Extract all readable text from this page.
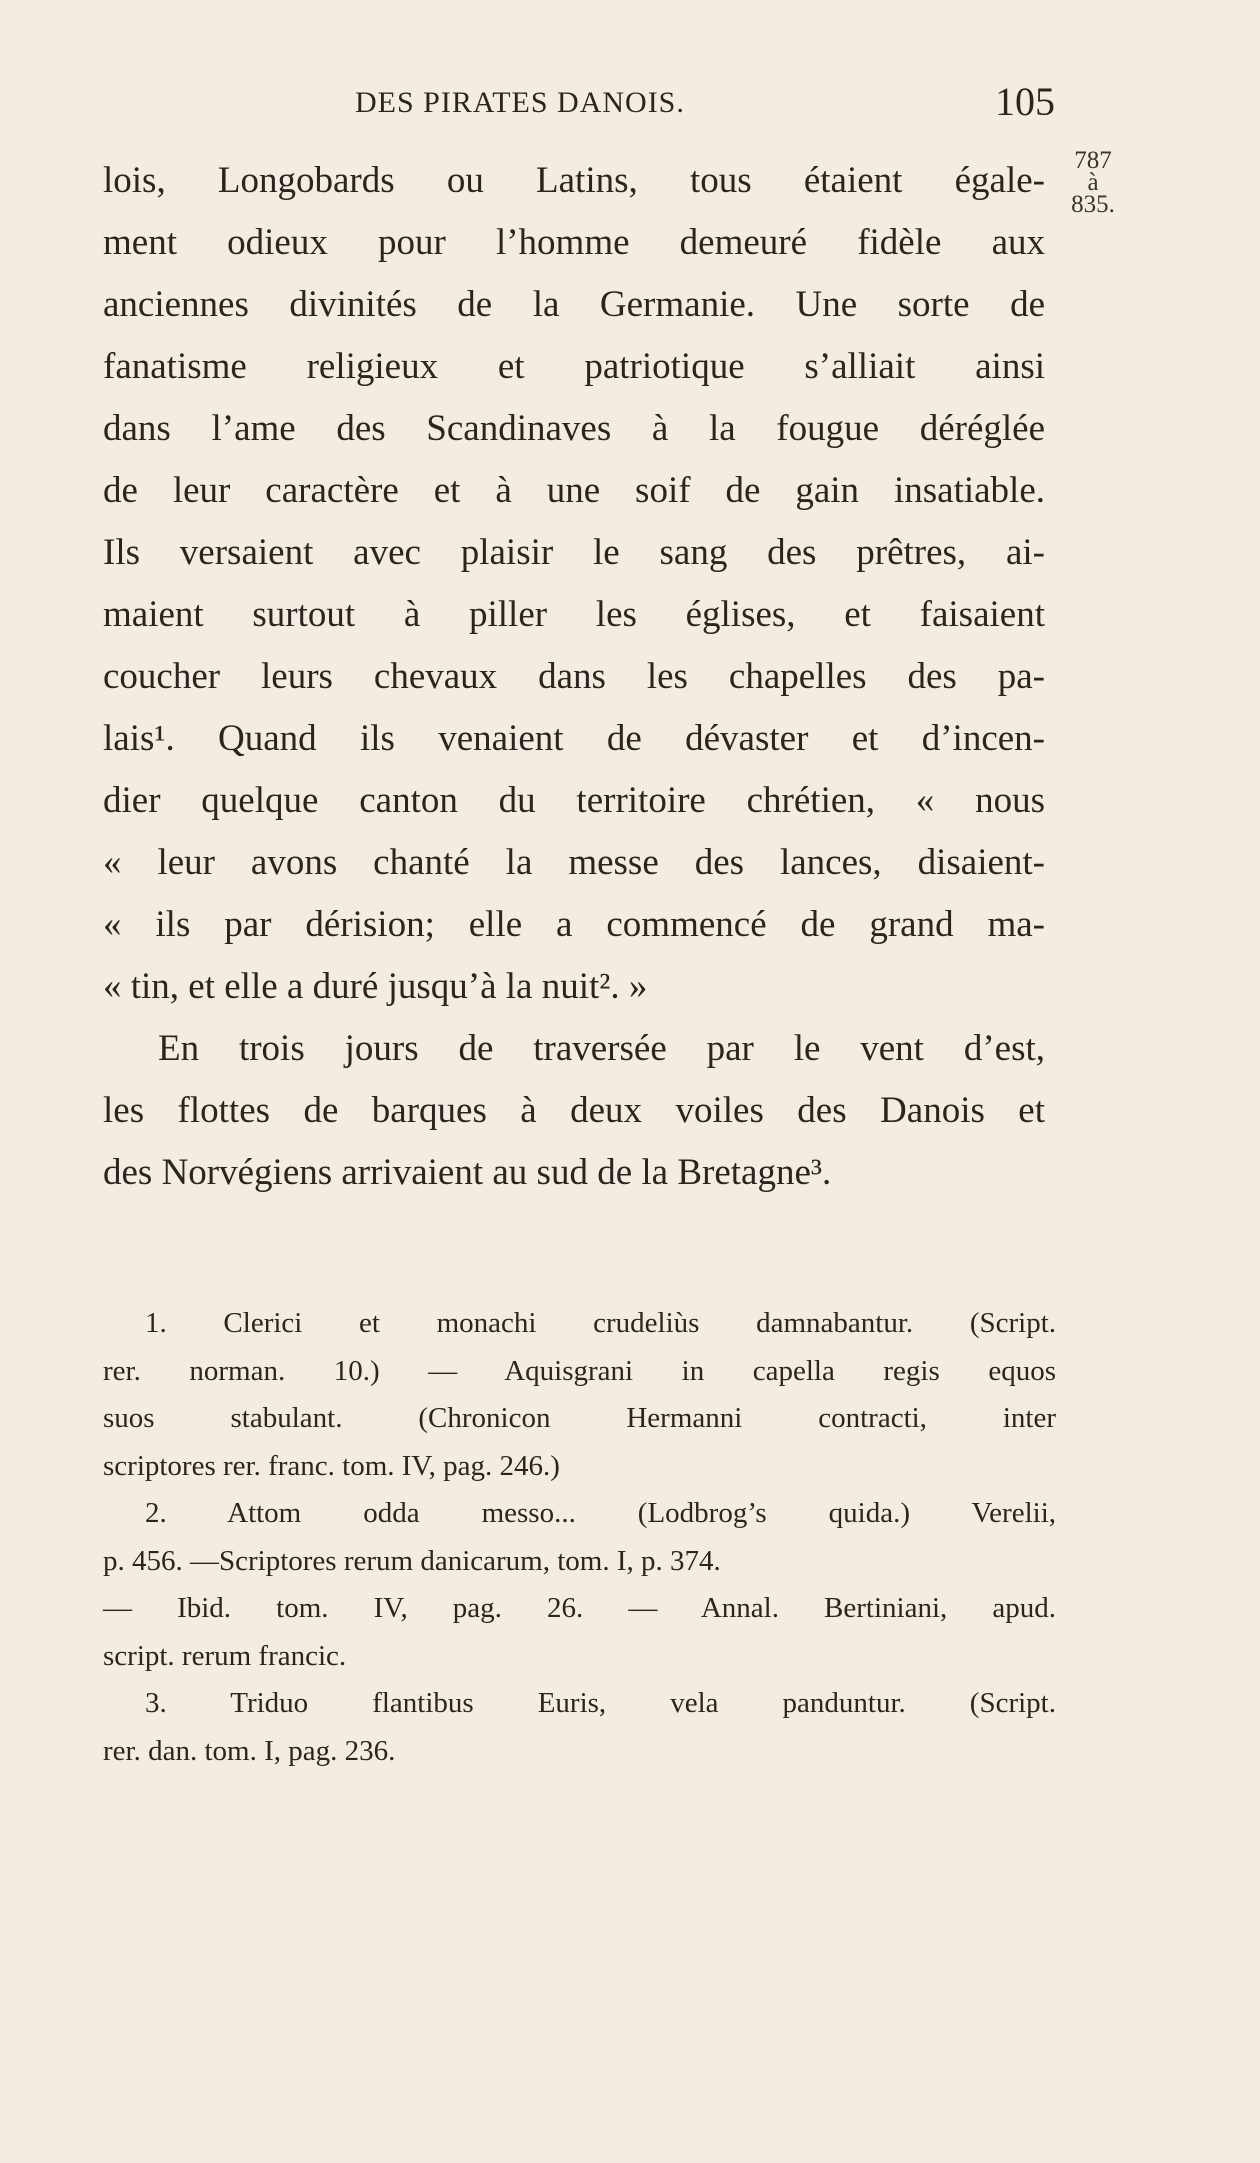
DES PIRATES DANOIS.	105
787
à
835.
lois, Longobards ou Latins, tous étaient égale-
ment odieux pour l’homme demeuré fidèle aux
anciennes divinités de la Germanie. Une sorte de
fanatisme religieux et patriotique s’alliait ainsi
dans l’ame des Scandinaves à la fougue déréglée
de leur caractère et à une soif de gain insatiable.
Ils versaient avec plaisir le sang des prêtres, ai-
maient surtout à piller les églises, et faisaient
coucher leurs chevaux dans les chapelles des pa-
lais¹. Quand ils venaient de dévaster et d’incen-
dier quelque canton du territoire chrétien, « nous
« leur avons chanté la messe des lances, disaient-
« ils par dérision; elle a commencé de grand ma-
« tin, et elle a duré jusqu’à la nuit². »
En trois jours de traversée par le vent d’est,
les flottes de barques à deux voiles des Danois et
des Norvégiens arrivaient au sud de la Bretagne³.
1. Clerici et monachi crudeliùs damnabantur. (Script.
rer. norman. 10.) — Aquisgrani in capella regis equos
suos stabulant. (Chronicon Hermanni contracti, inter
scriptores rer. franc. tom. IV, pag. 246.)
2. Attom odda messo... (Lodbrog’s quida.) Verelii,
p. 456. —Scriptores rerum danicarum, tom. I, p. 374.
— Ibid. tom. IV, pag. 26. — Annal. Bertiniani, apud.
script. rerum francic.
3. Triduo flantibus Euris, vela panduntur. (Script.
rer. dan. tom. I, pag. 236.
